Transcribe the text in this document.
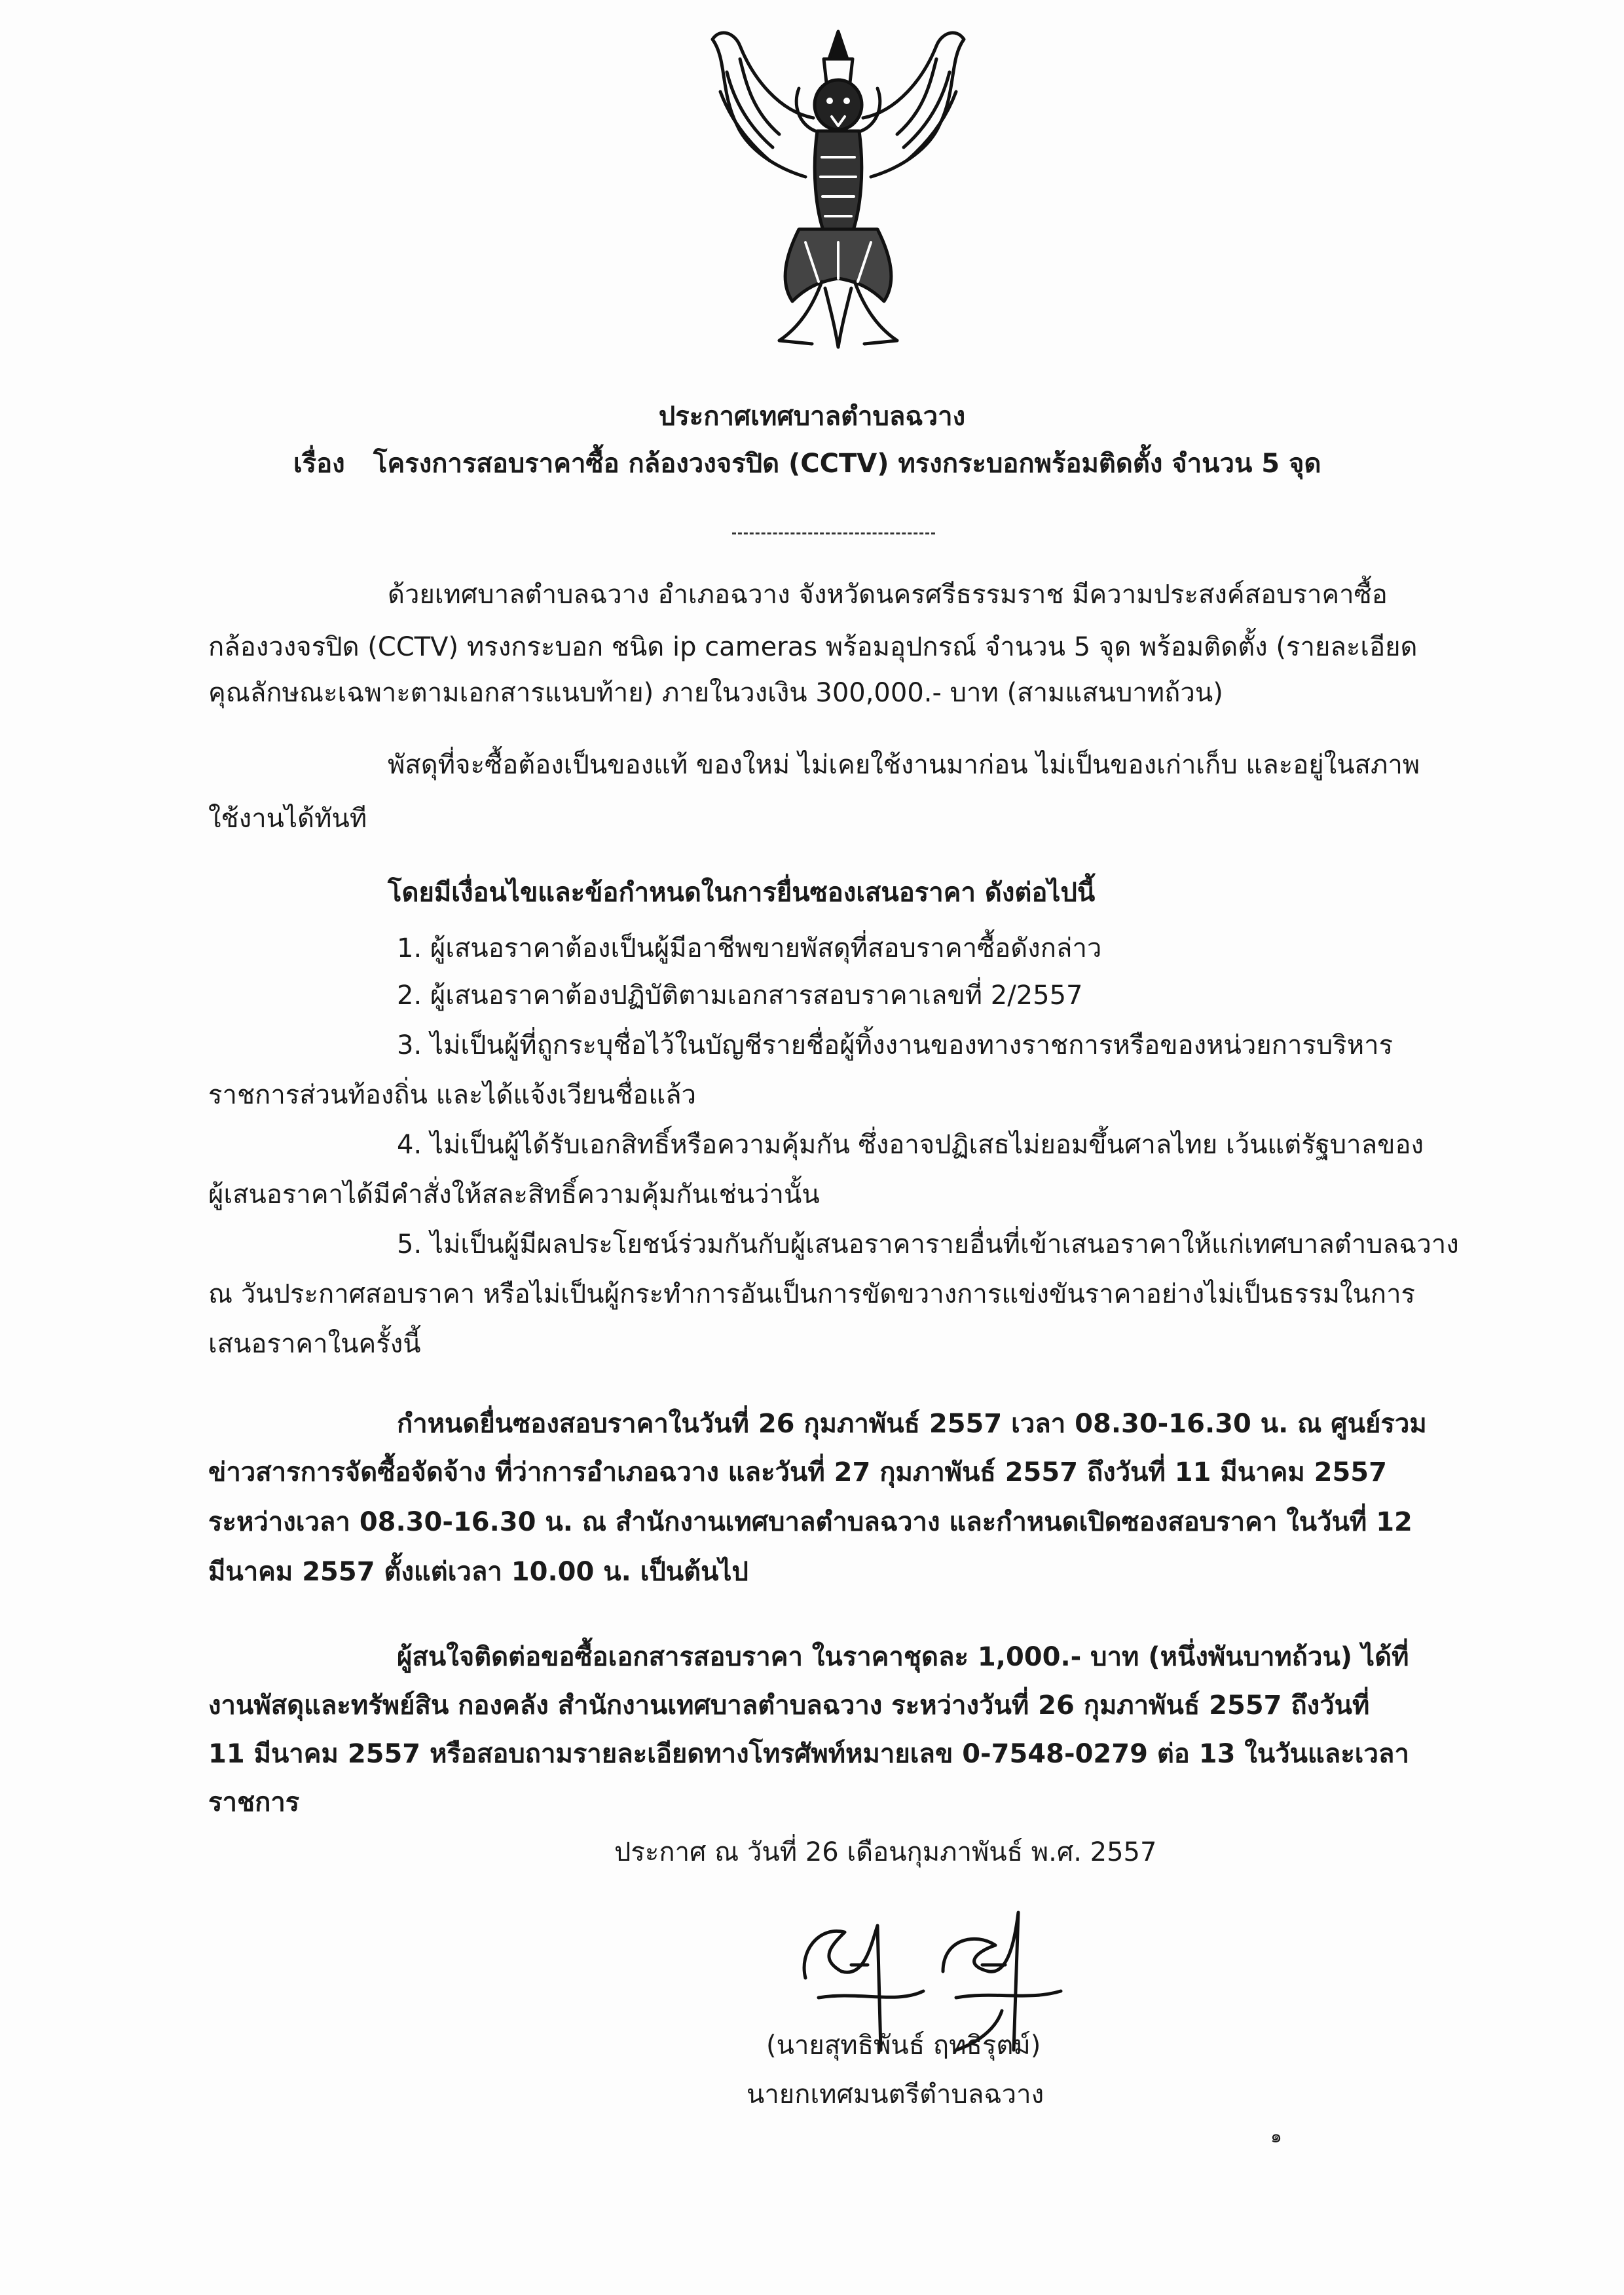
ประกาศเทศบาลตำบลฉวาง
เรื่อง โครงการสอบราคาซื้อ กล้องวงจรปิด (CCTV) ทรงกระบอกพร้อมติดตั้ง จำนวน 5 จุด
ด้วยเทศบาลตำบลฉวาง อำเภอฉวาง จังหวัดนครศรีธรรมราช มีความประสงค์สอบราคาซื้อ
กล้องวงจรปิด (CCTV) ทรงกระบอก ชนิด ip cameras พร้อมอุปกรณ์ จำนวน 5 จุด พร้อมติดตั้ง (รายละเอียด
คุณลักษณะเฉพาะตามเอกสารแนบท้าย) ภายในวงเงิน 300,000.- บาท (สามแสนบาทถ้วน)
พัสดุที่จะซื้อต้องเป็นของแท้ ของใหม่ ไม่เคยใช้งานมาก่อน ไม่เป็นของเก่าเก็บ และอยู่ในสภาพ
ใช้งานได้ทันที
โดยมีเงื่อนไขและข้อกำหนดในการยื่นซองเสนอราคา ดังต่อไปนี้
1. ผู้เสนอราคาต้องเป็นผู้มีอาชีพขายพัสดุที่สอบราคาซื้อดังกล่าว
2. ผู้เสนอราคาต้องปฏิบัติตามเอกสารสอบราคาเลขที่ 2/2557
3. ไม่เป็นผู้ที่ถูกระบุชื่อไว้ในบัญชีรายชื่อผู้ทิ้งงานของทางราชการหรือของหน่วยการบริหาร
ราชการส่วนท้องถิ่น และได้แจ้งเวียนชื่อแล้ว
4. ไม่เป็นผู้ได้รับเอกสิทธิ์หรือความคุ้มกัน ซึ่งอาจปฏิเสธไม่ยอมขึ้นศาลไทย เว้นแต่รัฐบาลของ
ผู้เสนอราคาได้มีคำสั่งให้สละสิทธิ์ความคุ้มกันเช่นว่านั้น
5. ไม่เป็นผู้มีผลประโยชน์ร่วมกันกับผู้เสนอราคารายอื่นที่เข้าเสนอราคาให้แก่เทศบาลตำบลฉวาง
ณ วันประกาศสอบราคา หรือไม่เป็นผู้กระทำการอันเป็นการขัดขวางการแข่งขันราคาอย่างไม่เป็นธรรมในการ
เสนอราคาในครั้งนี้
กำหนดยื่นซองสอบราคาในวันที่ 26 กุมภาพันธ์ 2557 เวลา 08.30-16.30 น. ณ ศูนย์รวม
ข่าวสารการจัดซื้อจัดจ้าง ที่ว่าการอำเภอฉวาง และวันที่ 27 กุมภาพันธ์ 2557 ถึงวันที่ 11 มีนาคม 2557
ระหว่างเวลา 08.30-16.30 น. ณ สำนักงานเทศบาลตำบลฉวาง และกำหนดเปิดซองสอบราคา ในวันที่ 12
มีนาคม 2557 ตั้งแต่เวลา 10.00 น. เป็นต้นไป
ผู้สนใจติดต่อขอซื้อเอกสารสอบราคา ในราคาชุดละ 1,000.- บาท (หนึ่งพันบาทถ้วน) ได้ที่
งานพัสดุและทรัพย์สิน กองคลัง สำนักงานเทศบาลตำบลฉวาง ระหว่างวันที่ 26 กุมภาพันธ์ 2557 ถึงวันที่
11 มีนาคม 2557 หรือสอบถามรายละเอียดทางโทรศัพท์หมายเลข 0-7548-0279 ต่อ 13 ในวันและเวลา
ราชการ
ประกาศ ณ วันที่ 26 เดือนกุมภาพันธ์ พ.ศ. 2557
(นายสุทธิพันธ์ ฤทธิรุตม์)
นายกเทศมนตรีตำบลฉวาง
๑
